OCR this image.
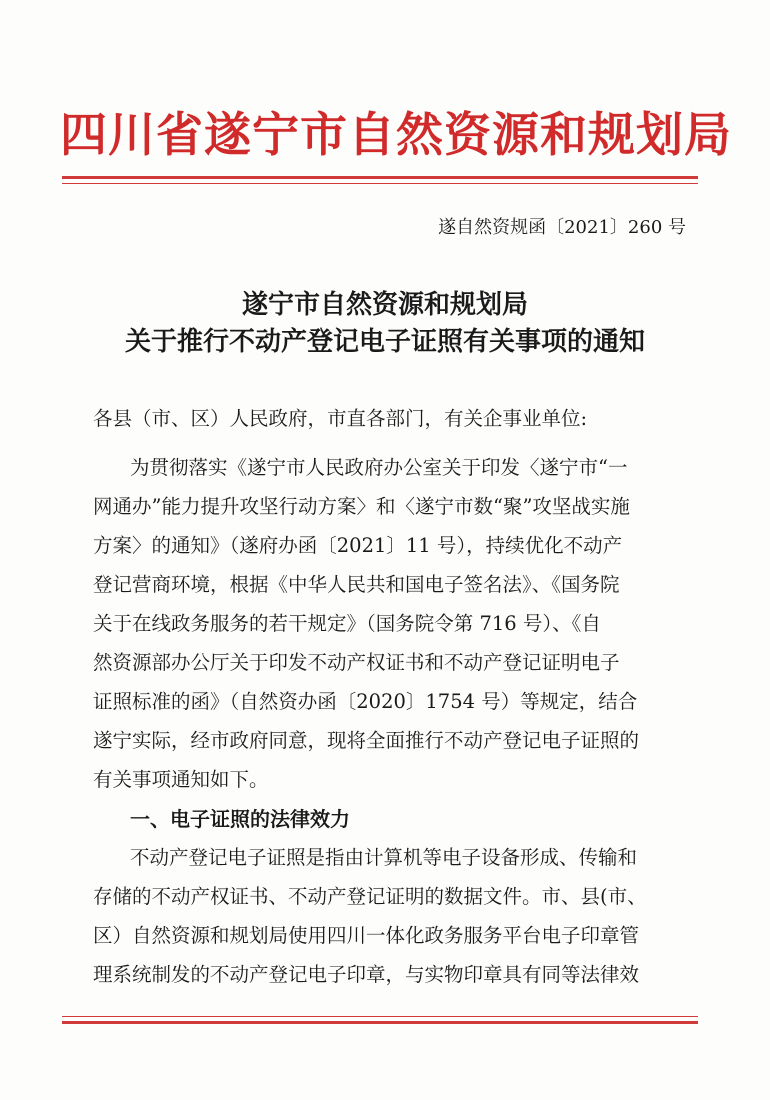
四川省遂宁市自然资源和规划局
遂自然资规函〔2021〕260 号
遂宁市自然资源和规划局
关于推行不动产登记电子证照有关事项的通知
各县（市、区）人民政府，市直各部门，有关企事业单位:
为贯彻落实《遂宁市人民政府办公室关于印发〈遂宁市“一
网通办”能力提升攻坚行动方案〉和〈遂宁市数“聚”攻坚战实施
方案〉的通知》（遂府办函〔2021〕11 号），持续优化不动产
登记营商环境，根据《中华人民共和国电子签名法》、《国务院
关于在线政务服务的若干规定》（国务院令第 716 号）、《自
然资源部办公厅关于印发不动产权证书和不动产登记证明电子
证照标准的函》（自然资办函〔2020〕1754 号）等规定，结合
遂宁实际，经市政府同意，现将全面推行不动产登记电子证照的
有关事项通知如下。
一、电子证照的法律效力
不动产登记电子证照是指由计算机等电子设备形成、传输和
存储的不动产权证书、不动产登记证明的数据文件。市、县(市、
区）自然资源和规划局使用四川一体化政务服务平台电子印章管
理系统制发的不动产登记电子印章，与实物印章具有同等法律效
